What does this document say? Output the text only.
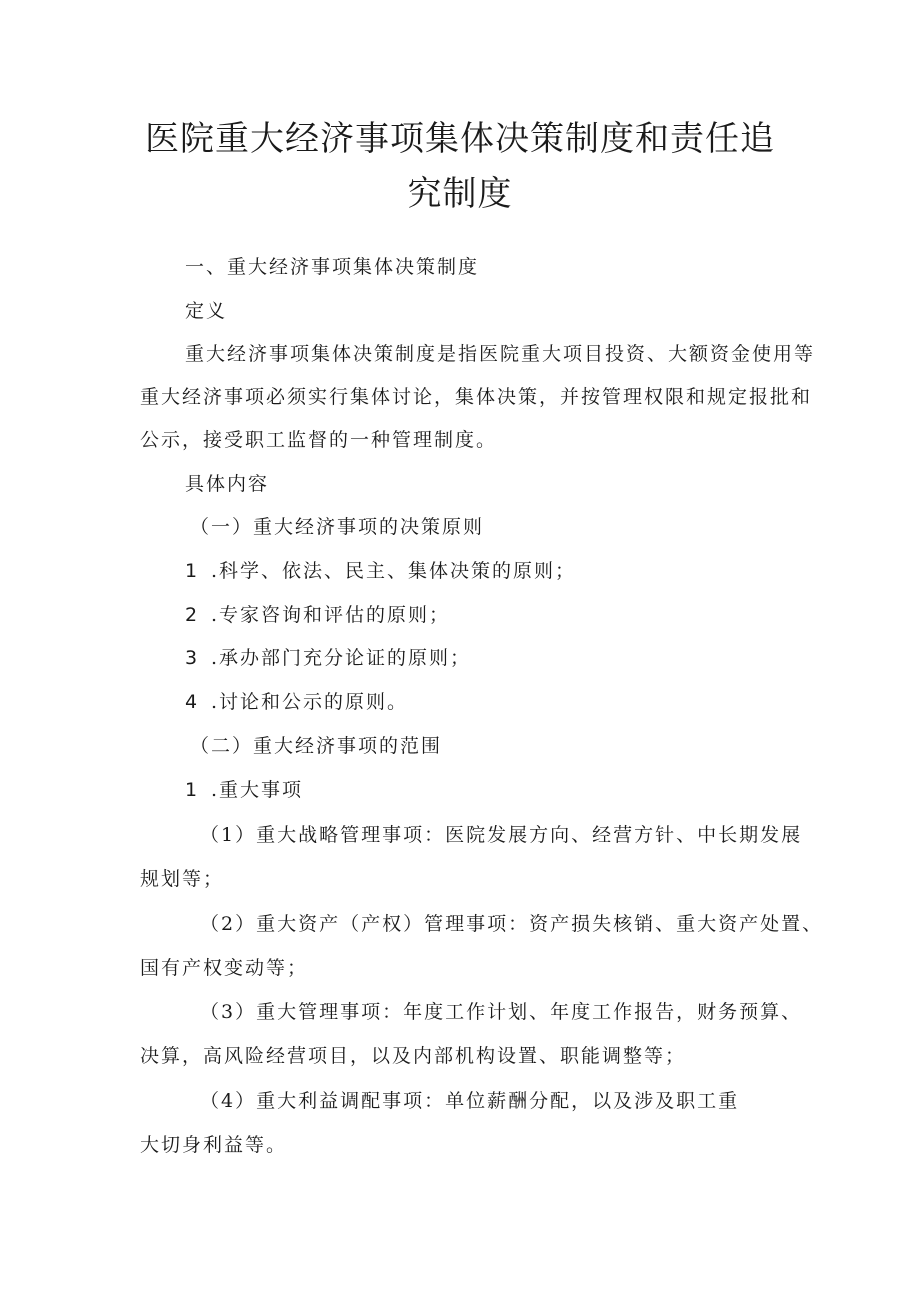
医院重大经济事项集体决策制度和责任追
究制度

一、重大经济事项集体决策制度

定义

重大经济事项集体决策制度是指医院重大项目投资、大额资金使用等

重大经济事项必须实行集体讨论，集体决策，并按管理权限和规定报批和

公示，接受职工监督的一种管理制度。

具体内容

（一）重大经济事项的决策原则

1 .科学、依法、民主、集体决策的原则；

2 .专家咨询和评估的原则；

3 .承办部门充分论证的原则；

4 .讨论和公示的原则。

（二）重大经济事项的范围

1 .重大事项

（1）重大战略管理事项：医院发展方向、经营方针、中长期发展

规划等；

（2）重大资产（产权）管理事项：资产损失核销、重大资产处置、

国有产权变动等；

（3）重大管理事项：年度工作计划、年度工作报告，财务预算、

决算，高风险经营项目，以及内部机构设置、职能调整等；

（4）重大利益调配事项：单位薪酬分配，以及涉及职工重

大切身利益等。
